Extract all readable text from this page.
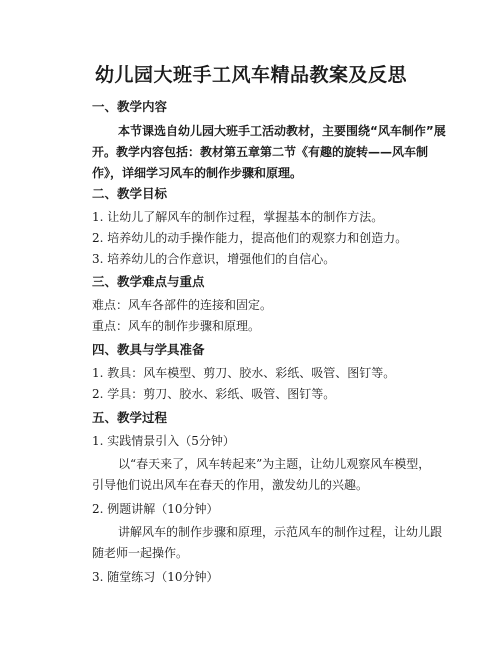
幼儿园大班手工风车精品教案及反思
一、教学内容
本节课选自幼儿园大班手工活动教材，主要围绕“风车制作”展
开。教学内容包括：教材第五章第二节《有趣的旋转——风车制
作》，详细学习风车的制作步骤和原理。
二、教学目标
1. 让幼儿了解风车的制作过程，掌握基本的制作方法。
2. 培养幼儿的动手操作能力，提高他们的观察力和创造力。
3. 培养幼儿的合作意识，增强他们的自信心。
三、教学难点与重点
难点：风车各部件的连接和固定。
重点：风车的制作步骤和原理。
四、教具与学具准备
1. 教具：风车模型、剪刀、胶水、彩纸、吸管、图钉等。
2. 学具：剪刀、胶水、彩纸、吸管、图钉等。
五、教学过程
1. 实践情景引入（5分钟）
以“春天来了，风车转起来”为主题，让幼儿观察风车模型，
引导他们说出风车在春天的作用，激发幼儿的兴趣。
2. 例题讲解（10分钟）
讲解风车的制作步骤和原理，示范风车的制作过程，让幼儿跟
随老师一起操作。
3. 随堂练习（10分钟）
